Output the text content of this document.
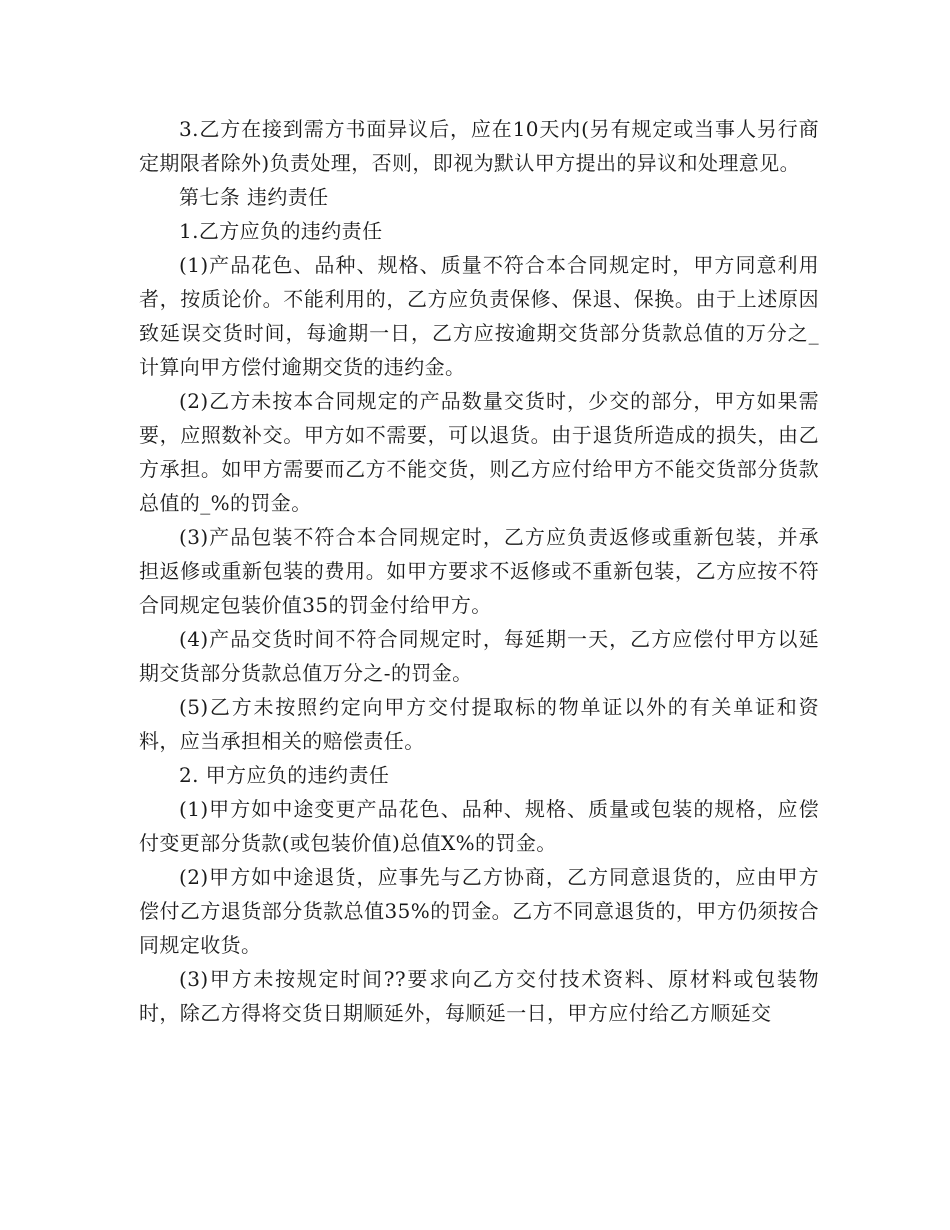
3.乙方在接到需方书面异议后，应在10天内(另有规定或当事人另行商定期限者除外)负责处理，否则，即视为默认甲方提出的异议和处理意见。

第七条 违约责任

1.乙方应负的违约责任

(1)产品花色、品种、规格、质量不符合本合同规定时，甲方同意利用者，按质论价。不能利用的，乙方应负责保修、保退、保换。由于上述原因致延误交货时间，每逾期一日，乙方应按逾期交货部分货款总值的万分之_计算向甲方偿付逾期交货的违约金。

(2)乙方未按本合同规定的产品数量交货时，少交的部分，甲方如果需要，应照数补交。甲方如不需要，可以退货。由于退货所造成的损失，由乙方承担。如甲方需要而乙方不能交货，则乙方应付给甲方不能交货部分货款总值的_%的罚金。

(3)产品包装不符合本合同规定时，乙方应负责返修或重新包装，并承担返修或重新包装的费用。如甲方要求不返修或不重新包装，乙方应按不符合同规定包装价值35的罚金付给甲方。

(4)产品交货时间不符合同规定时，每延期一天，乙方应偿付甲方以延期交货部分货款总值万分之-的罚金。

(5)乙方未按照约定向甲方交付提取标的物单证以外的有关单证和资料，应当承担相关的赔偿责任。

2. 甲方应负的违约责任

(1)甲方如中途变更产品花色、品种、规格、质量或包装的规格，应偿付变更部分货款(或包装价值)总值X%的罚金。

(2)甲方如中途退货，应事先与乙方协商，乙方同意退货的，应由甲方偿付乙方退货部分货款总值35%的罚金。乙方不同意退货的，甲方仍须按合同规定收货。

(3)甲方未按规定时间??要求向乙方交付技术资料、原材料或包装物时，除乙方得将交货日期顺延外，每顺延一日，甲方应付给乙方顺延交
